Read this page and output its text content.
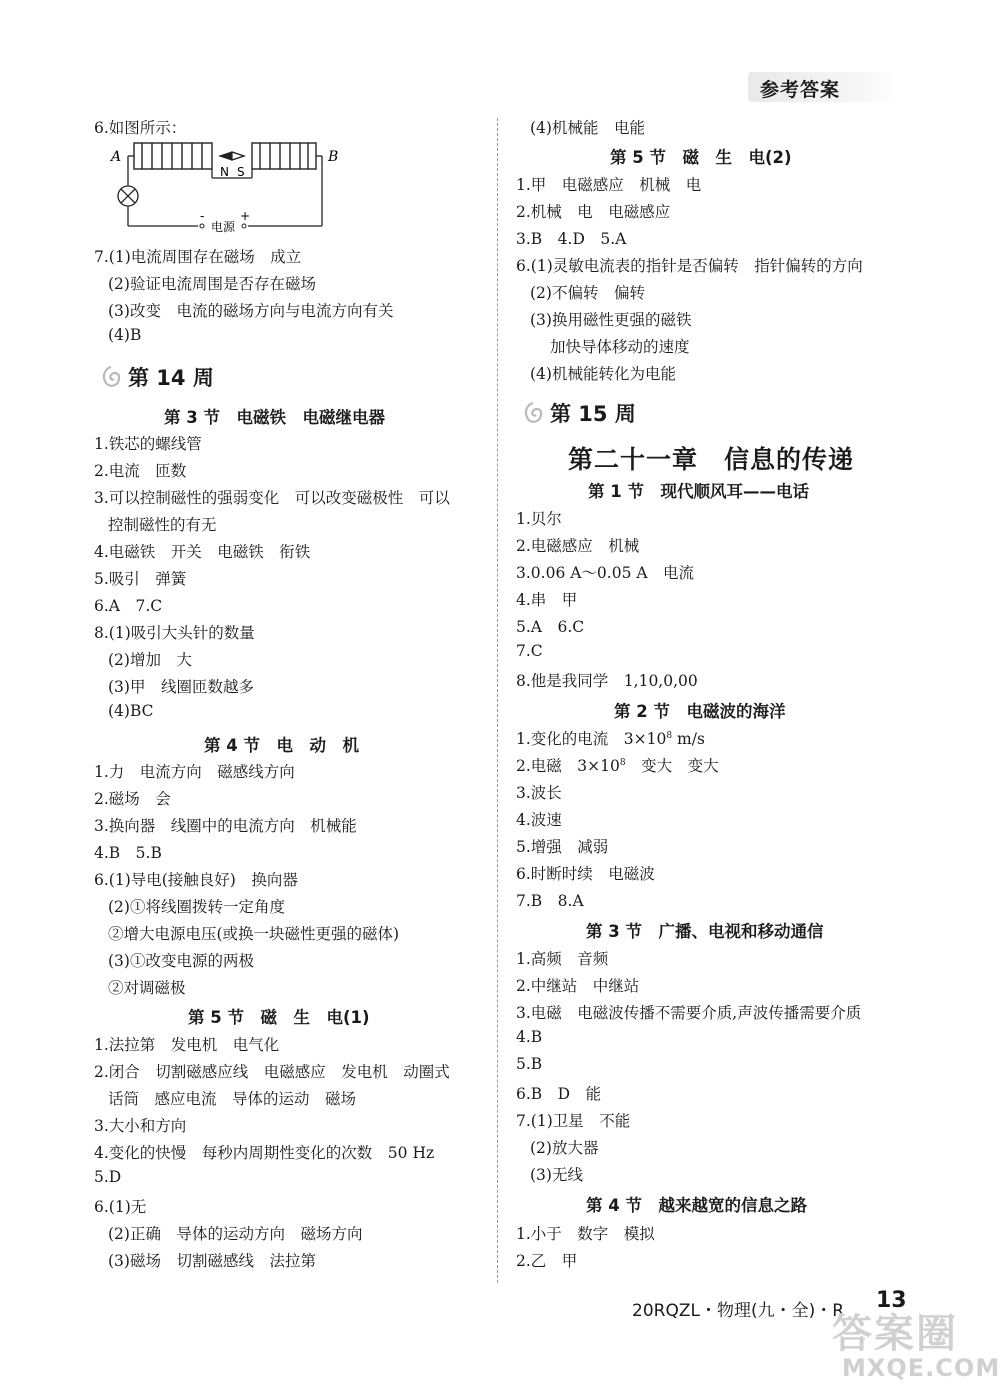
参考答案
6.如图所示：
A	B
N S
-	+
电源
7.(1)电流周围存在磁场　成立
(2)验证电流周围是否存在磁场
(3)改变　电流的磁场方向与电流方向有关
(4)B
第 14 周
第 3 节　电磁铁　电磁继电器
1.铁芯的螺线管
2.电流　匝数
3.可以控制磁性的强弱变化　可以改变磁极性　可以
控制磁性的有无
4.电磁铁　开关　电磁铁　衔铁
5.吸引　弹簧
6.A　7.C
8.(1)吸引大头针的数量
(2)增加　大
(3)甲　线圈匝数越多
(4)BC
第 4 节　电　动　机
1.力　电流方向　磁感线方向
2.磁场　会
3.换向器　线圈中的电流方向　机械能
4.B　5.B
6.(1)导电(接触良好)　换向器
(2)①将线圈拨转一定角度
②增大电源电压(或换一块磁性更强的磁体)
(3)①改变电源的两极
②对调磁极
第 5 节　磁　生　电(1)
1.法拉第　发电机　电气化
2.闭合　切割磁感应线　电磁感应　发电机　动圈式
话筒　感应电流　导体的运动　磁场
3.大小和方向
4.变化的快慢　每秒内周期性变化的次数　50 Hz
5.D
6.(1)无
(2)正确　导体的运动方向　磁场方向
(3)磁场　切割磁感线　法拉第
(4)机械能　电能
第 5 节　磁　生　电(2)
1.甲　电磁感应　机械　电
2.机械　电　电磁感应
3.B　4.D　5.A
6.(1)灵敏电流表的指针是否偏转　指针偏转的方向
(2)不偏转　偏转
(3)换用磁性更强的磁铁
加快导体移动的速度
(4)机械能转化为电能
第 15 周
第二十一章　信息的传递
第 1 节　现代顺风耳——电话
1.贝尔
2.电磁感应　机械
3.0.06 A～0.05 A　电流
4.串　甲
5.A　6.C
7.C
8.他是我同学　1,10,0,00
第 2 节　电磁波的海洋
1.变化的电流　$3\times 10^8$ m/s
2.电磁　$3\times 10^8$　变大　变大
3.波长
4.波速
5.增强　减弱
6.时断时续　电磁波
7.B　8.A
第 3 节　广播、电视和移动通信
1.高频　音频
2.中继站　中继站
3.电磁　电磁波传播不需要介质,声波传播需要介质
4.B
5.B
6.B　D　能
7.(1)卫星　不能
(2)放大器
(3)无线
第 4 节　越来越宽的信息之路
1.小于　数字　模拟
2.乙　甲
20RQZL・物理(九・全)・R 13
答案圈
MXQE.COM
